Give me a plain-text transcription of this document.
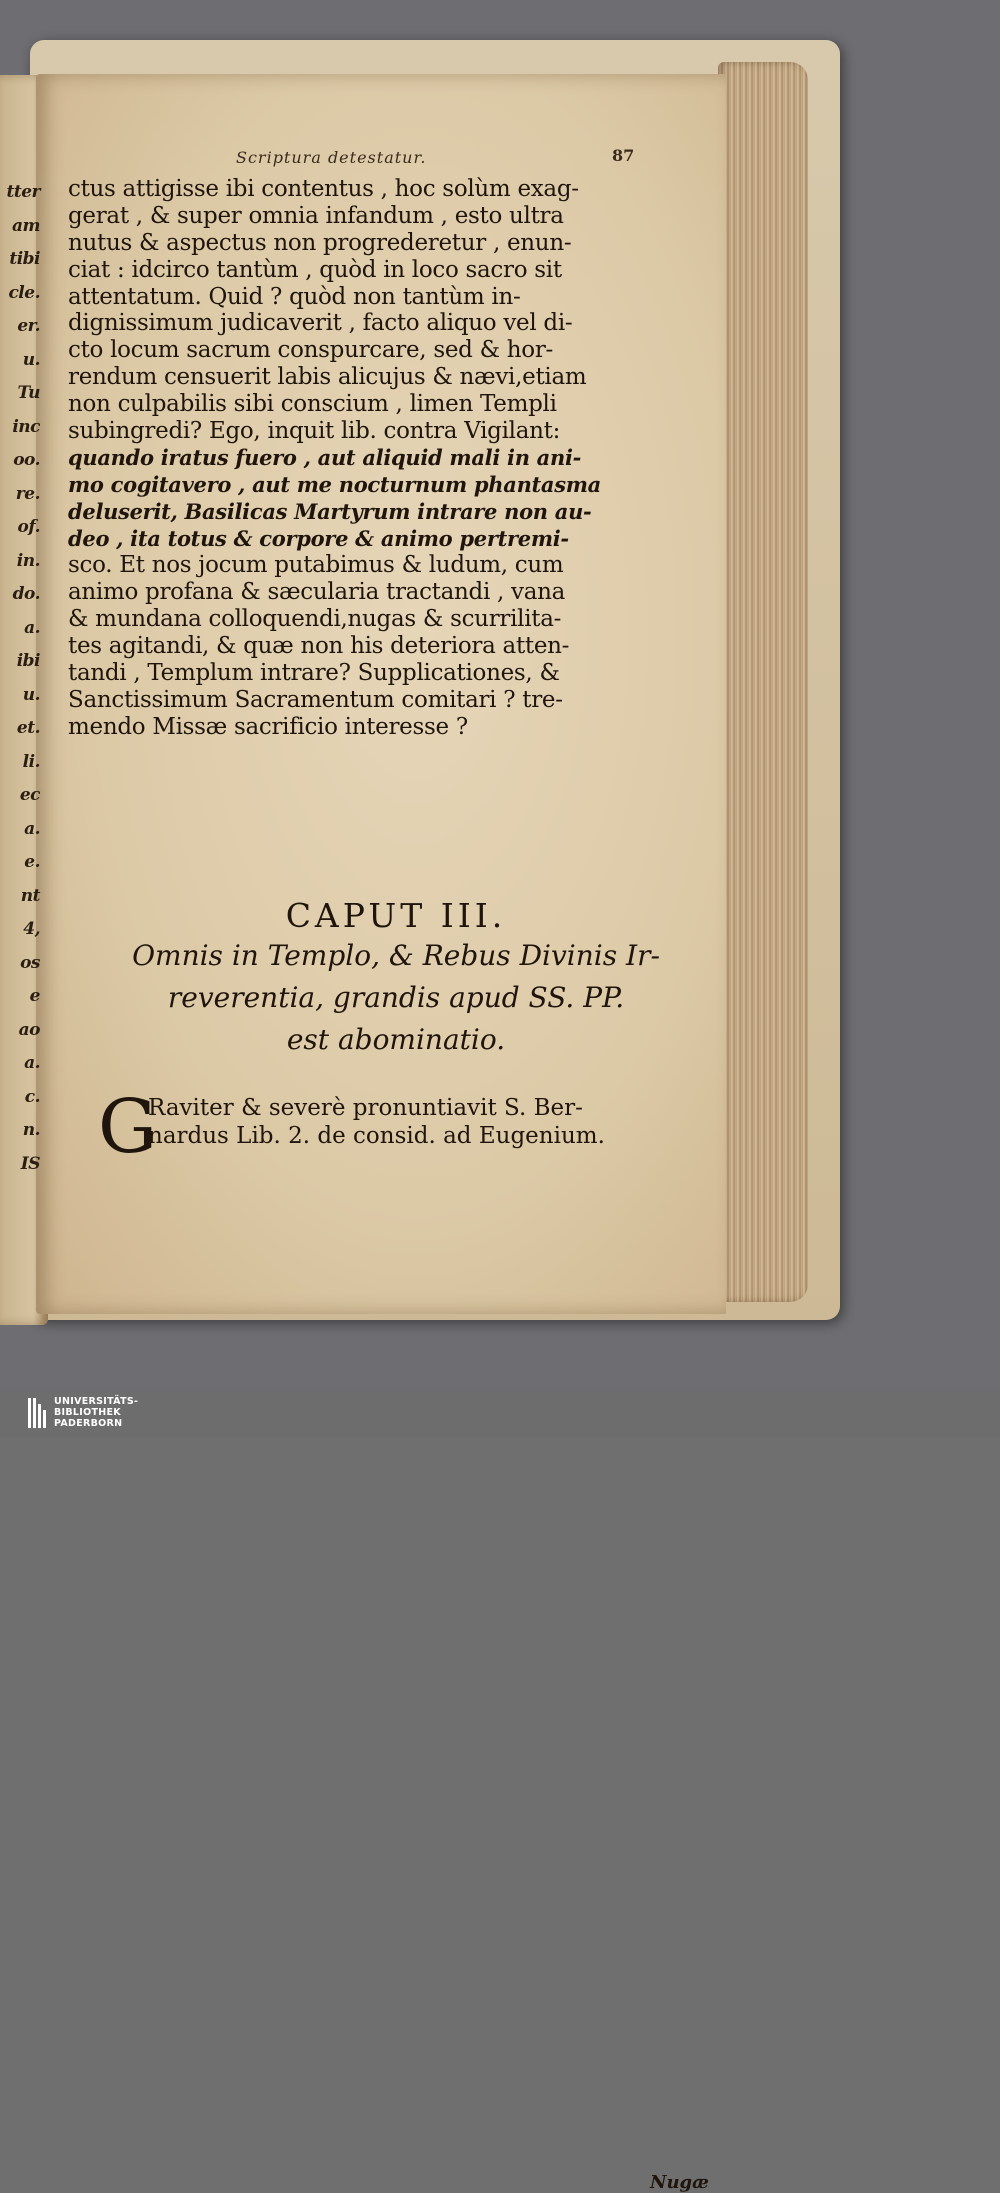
Scriptura detestatur.	87
ctus attigisse ibi contentus , hoc solùm exag-
gerat , & super omnia infandum , esto ultra
nutus & aspectus non progrederetur , enun-
ciat : idcirco tantùm , quòd in loco sacro sit
attentatum. Quid ? quòd non tantùm in-
dignissimum judicaverit , facto aliquo vel di-
cto locum sacrum conspurcare, sed & hor-
rendum censuerit labis alicujus & nævi,etiam
non culpabilis sibi conscium , limen Templi
subingredi? Ego, inquit lib. contra Vigilant:
quando iratus fuero , aut aliquid mali in ani-
mo cogitavero , aut me nocturnum phantasma
deluserit, Basilicas Martyrum intrare non au-
deo , ita totus & corpore & animo pertremi-
sco. Et nos jocum putabimus & ludum, cum
animo profana & sæcularia tractandi , vana
& mundana colloquendi,nugas & scurrilita-
tes agitandi, & quæ non his deteriora atten-
tandi , Templum intrare? Supplicationes, &
Sanctissimum Sacramentum comitari ? tre-
mendo Missæ sacrificio interesse ?
CAPUT III.
Omnis in Templo, & Rebus Divinis Ir-
reverentia, grandis apud SS. PP.
est abominatio.
G
Raviter & severè pronuntiavit S. Ber-
nardus Lib. 2. de consid. ad Eugenium.
Nugæ
tter
am
tibi
cle.
er.
u.
Tu
inc
oo.
re.
of.
in.
do.
a.
ibi
u.
et.
li.
ec
a.
e.
nt
4,
os
e
ao
a.
c.
n.
IS
UNIVERSITÄTS-
BIBLIOTHEK
PADERBORN
